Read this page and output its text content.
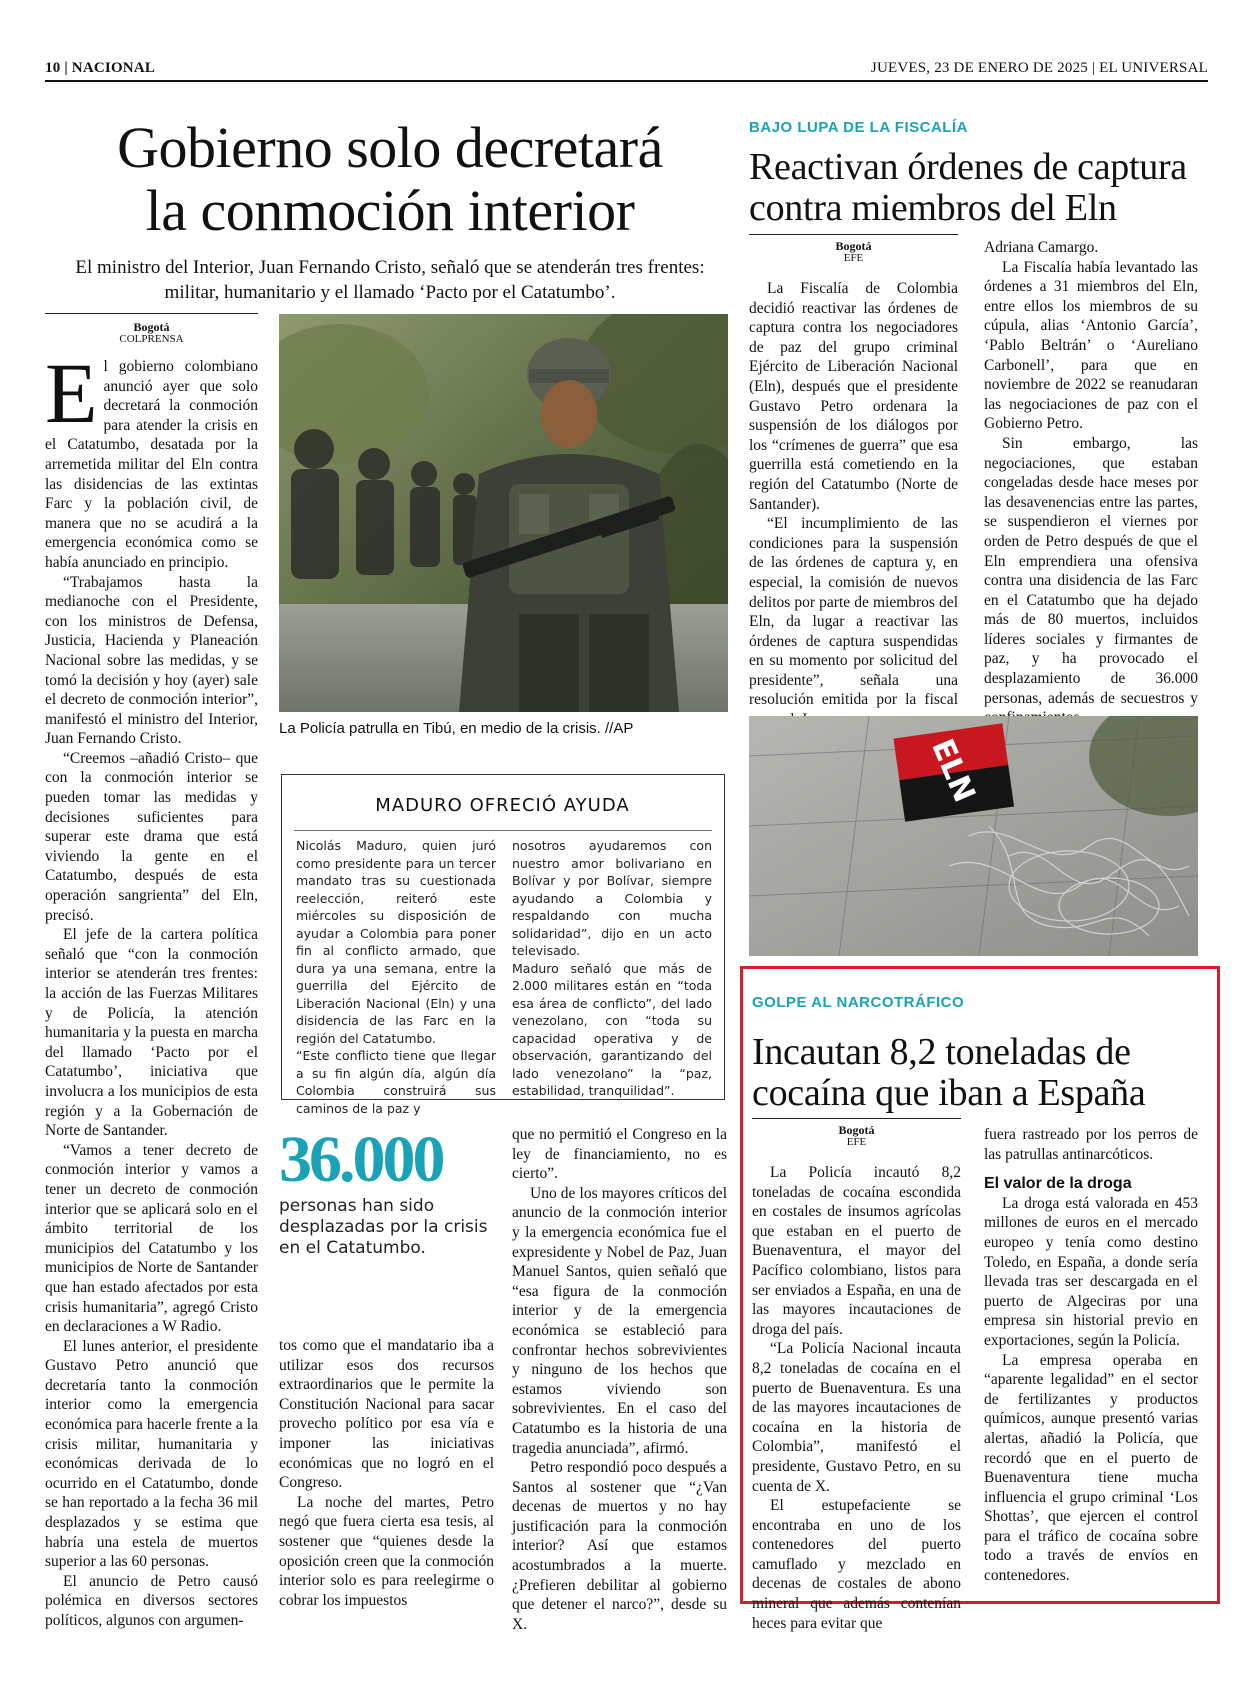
10 | NACIONAL	JUEVES, 23 DE ENERO DE 2025 | EL UNIVERSAL
Gobierno solo decretará
la conmoción interior
El ministro del Interior, Juan Fernando Cristo, señaló que se atenderán tres frentes: militar, humanitario y el llamado ‘Pacto por el Catatumbo’.
Bogotá
COLPRENSA

El gobierno colombiano anunció ayer que solo decretará la conmoción para atender la crisis en el Catatumbo, desatada por la arremetida militar del Eln contra las disidencias de las extintas Farc y la población civil, de manera que no se acudirá a la emergencia económica como se había anunciado en principio.

“Trabajamos hasta la medianoche con el Presidente, con los ministros de Defensa, Justicia, Hacienda y Planeación Nacional sobre las medidas, y se tomó la decisión y hoy (ayer) sale el decreto de conmoción interior”, manifestó el ministro del Interior, Juan Fernando Cristo.

“Creemos –añadió Cristo– que con la conmoción interior se pueden tomar las medidas y decisiones suficientes para superar este drama que está viviendo la gente en el Catatumbo, después de esta operación sangrienta” del Eln, precisó.

El jefe de la cartera política señaló que “con la conmoción interior se atenderán tres frentes: la acción de las Fuerzas Militares y de Policía, la atención humanitaria y la puesta en marcha del llamado ‘Pacto por el Catatumbo’, iniciativa que involucra a los municipios de esta región y a la Gobernación de Norte de Santander.

“Vamos a tener decreto de conmoción interior y vamos a tener un decreto de conmoción interior que se aplicará solo en el ámbito territorial de los municipios del Catatumbo y los municipios de Norte de Santander que han estado afectados por esta crisis humanitaria”, agregó Cristo en declaraciones a W Radio.

El lunes anterior, el presidente Gustavo Petro anunció que decretaría tanto la conmoción interior como la emergencia económica para hacerle frente a la crisis militar, humanitaria y económicas derivada de lo ocurrido en el Catatumbo, donde se han reportado a la fecha 36 mil desplazados y se estima que habría una estela de muertos superior a las 60 personas.

El anuncio de Petro causó polémica en diversos sectores políticos, algunos con argumen-

La Policía patrulla en Tibú, en medio de la crisis. //AP
MADURO OFRECIÓ AYUDA

Nicolás Maduro, quien juró como presidente para un tercer mandato tras su cuestionada reelección, reiteró este miércoles su disposición de ayudar a Colombia para poner fin al conflicto armado, que dura ya una semana, entre la guerrilla del Ejército de Liberación Nacional (Eln) y una disidencia de las Farc en la región del Catatumbo.

“Este conflicto tiene que llegar a su fin algún día, algún día Colombia construirá sus caminos de la paz y

nosotros ayudaremos con nuestro amor bolivariano en Bolívar y por Bolívar, siempre ayudando a Colombia y respaldando con mucha solidaridad”, dijo en un acto televisado.

Maduro señaló que más de 2.000 militares están en “toda esa área de conflicto”, del lado venezolano, con “toda su capacidad operativa y de observación, garantizando del lado venezolano” la “paz, estabilidad, tranquilidad”.

36.000
personas han sido desplazadas por la crisis en el Catatumbo.

tos como que el mandatario iba a utilizar esos dos recursos extraordinarios que le permite la Constitución Nacional para sacar provecho político por esa vía e imponer las iniciativas económicas que no logró en el Congreso.

La noche del martes, Petro negó que fuera cierta esa tesis, al sostener que “quienes desde la oposición creen que la conmoción interior solo es para reelegirme o cobrar los impuestos

que no permitió el Congreso en la ley de financiamiento, no es cierto”.

Uno de los mayores críticos del anuncio de la conmoción interior y la emergencia económica fue el expresidente y Nobel de Paz, Juan Manuel Santos, quien señaló que “esa figura de la conmoción interior y de la emergencia económica se estableció para confrontar hechos sobrevivientes y ninguno de los hechos que estamos viviendo son sobrevivientes. En el caso del Catatumbo es la historia de una tragedia anunciada”, afirmó.

Petro respondió poco después a Santos al sostener que “¿Van decenas de muertos y no hay justificación para la conmoción interior? Así que estamos acostumbrados a la muerte. ¿Prefieren debilitar al gobierno que detener el narco?”, desde su X.

BAJO LUPA DE LA FISCALÍA
Reactivan órdenes de captura
contra miembros del Eln
Bogotá
EFE

La Fiscalía de Colombia decidió reactivar las órdenes de captura contra los negociadores de paz del grupo criminal Ejército de Liberación Nacional (Eln), después que el presidente Gustavo Petro ordenara la suspensión de los diálogos por los “crímenes de guerra” que esa guerrilla está cometiendo en la región del Catatumbo (Norte de Santander).

“El incumplimiento de las condiciones para la suspensión de las órdenes de captura y, en especial, la comisión de nuevos delitos por parte de miembros del Eln, da lugar a reactivar las órdenes de captura suspendidas en su momento por solicitud del presidente”, señala una resolución emitida por la fiscal

Adriana Camargo.

La Fiscalía había levantado las órdenes a 31 miembros del Eln, entre ellos los miembros de su cúpula, alias ‘Antonio García’, ‘Pablo Beltrán’ o ‘Aureliano Carbonell’, para que en noviembre de 2022 se reanudaran las negociaciones de paz con el Gobierno Petro.

Sin embargo, las negociaciones, que estaban congeladas desde hace meses por las desavenencias entre las partes, se suspendieron el viernes por orden de Petro después de que el Eln emprendiera una ofensiva contra una disidencia de las Farc en el Catatumbo que ha dejado más de 80 muertos, incluidos líderes sociales y firmantes de paz, y ha provocado el desplazamiento de 36.000 personas, además de secuestros y

ELN
GOLPE AL NARCOTRÁFICO
Incautan 8,2 toneladas de
cocaína que iban a España
Bogotá
EFE

La Policía incautó 8,2 toneladas de cocaína escondida en costales de insumos agrícolas que estaban en el puerto de Buenaventura, el mayor del Pacífico colombiano, listos para ser enviados a España, en una de las mayores incautaciones de droga del país.

“La Policía Nacional incauta 8,2 toneladas de cocaína en el puerto de Buenaventura. Es una de las mayores incautaciones de cocaína en la historia de Colombia”, manifestó el presidente, Gustavo Petro, en su cuenta de X.

El estupefaciente se encontraba en uno de los contenedores del puerto camuflado y mezclado en decenas de costales de abono mineral que además contenían heces para evitar que

fuera rastreado por los perros de las patrullas antinarcóticos.

El valor de la droga

La droga está valorada en 453 millones de euros en el mercado europeo y tenía como destino Toledo, en España, a donde sería llevada tras ser descargada en el puerto de Algeciras por una empresa sin historial previo en exportaciones, según la Policía.

La empresa operaba en “aparente legalidad” en el sector de fertilizantes y productos químicos, aunque presentó varias alertas, añadió la Policía, que recordó que en el puerto de Buenaventura tiene mucha influencia el grupo criminal ‘Los Shottas’, que ejercen el control para el tráfico de cocaína sobre todo a través de envíos en contenedores.
